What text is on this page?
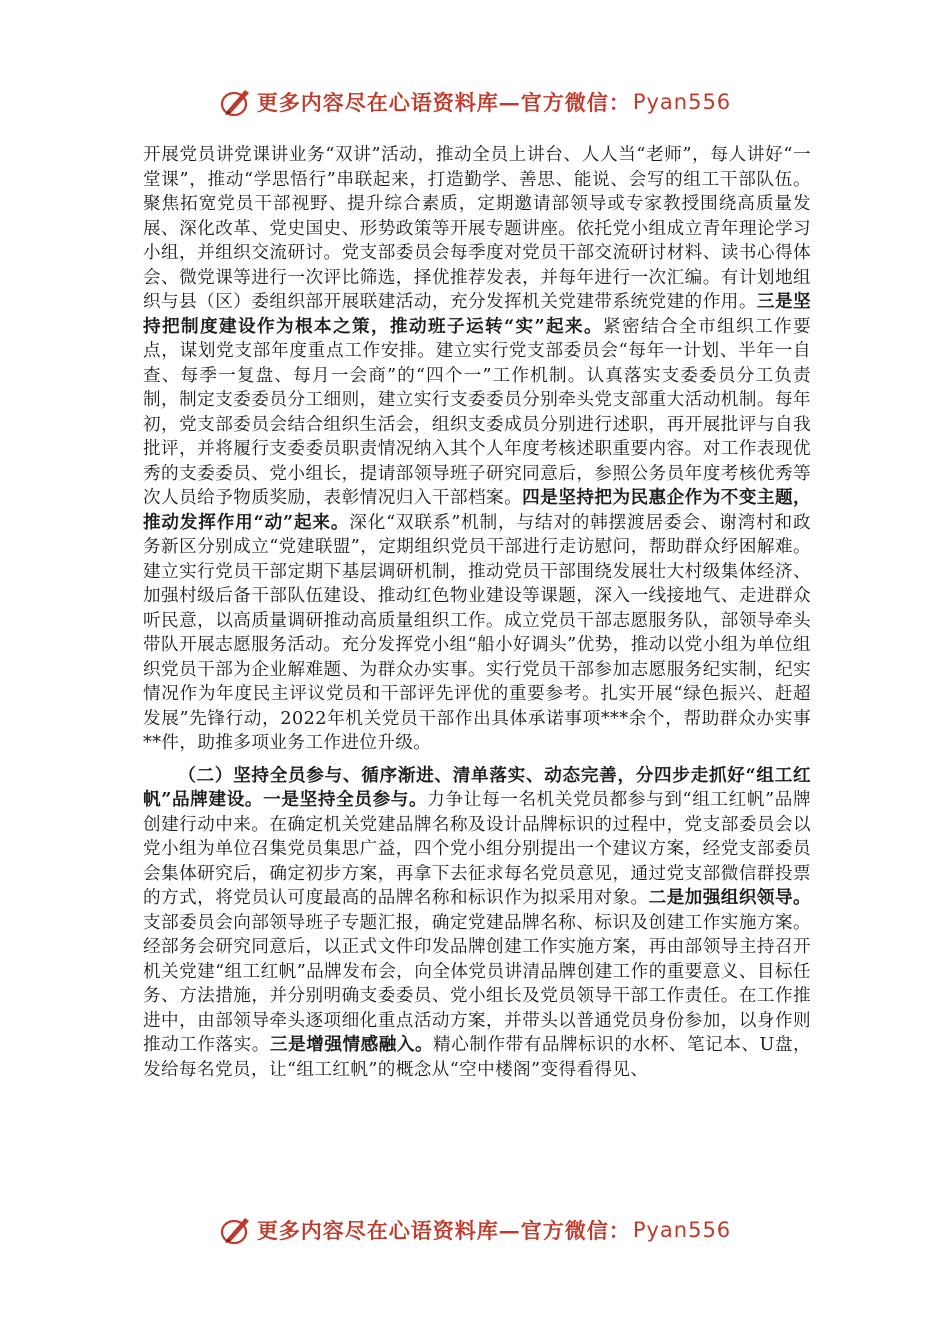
更多内容尽在心语资料库—官方微信： Pyan556

开展党员讲党课讲业务“双讲”活动，推动全员上讲台、人人当“老师”，每人讲好“一堂课”，推动“学思悟行”串联起来，打造勤学、善思、能说、会写的组工干部队伍。聚焦拓宽党员干部视野、提升综合素质，定期邀请部领导或专家教授围绕高质量发展、深化改革、党史国史、形势政策等开展专题讲座。依托党小组成立青年理论学习小组，并组织交流研讨。党支部委员会每季度对党员干部交流研讨材料、读书心得体会、微党课等进行一次评比筛选，择优推荐发表，并每年进行一次汇编。有计划地组织与县（区）委组织部开展联建活动，充分发挥机关党建带系统党建的作用。三是坚持把制度建设作为根本之策，推动班子运转“实”起来。紧密结合全市组织工作要点，谋划党支部年度重点工作安排。建立实行党支部委员会“每年一计划、半年一自查、每季一复盘、每月一会商”的“四个一”工作机制。认真落实支委委员分工负责制，制定支委委员分工细则，建立实行支委委员分别牵头党支部重大活动机制。每年初，党支部委员会结合组织生活会，组织支委成员分别进行述职，再开展批评与自我批评，并将履行支委委员职责情况纳入其个人年度考核述职重要内容。对工作表现优秀的支委委员、党小组长，提请部领导班子研究同意后，参照公务员年度考核优秀等次人员给予物质奖励，表彰情况归入干部档案。四是坚持把为民惠企作为不变主题，推动发挥作用“动”起来。深化“双联系”机制，与结对的韩摆渡居委会、谢湾村和政务新区分别成立“党建联盟”，定期组织党员干部进行走访慰问，帮助群众纾困解难。建立实行党员干部定期下基层调研机制，推动党员干部围绕发展壮大村级集体经济、加强村级后备干部队伍建设、推动红色物业建设等课题，深入一线接地气、走进群众听民意，以高质量调研推动高质量组织工作。成立党员干部志愿服务队，部领导牵头带队开展志愿服务活动。充分发挥党小组“船小好调头”优势，推动以党小组为单位组织党员干部为企业解难题、为群众办实事。实行党员干部参加志愿服务纪实制，纪实情况作为年度民主评议党员和干部评先评优的重要参考。扎实开展“绿色振兴、赶超发展”先锋行动，2022年机关党员干部作出具体承诺事项***余个，帮助群众办实事**件，助推多项业务工作进位升级。

（二）坚持全员参与、循序渐进、清单落实、动态完善，分四步走抓好“组工红帆”品牌建设。一是坚持全员参与。力争让每一名机关党员都参与到“组工红帆”品牌创建行动中来。在确定机关党建品牌名称及设计品牌标识的过程中，党支部委员会以党小组为单位召集党员集思广益，四个党小组分别提出一个建议方案，经党支部委员会集体研究后，确定初步方案，再拿下去征求每名党员意见，通过党支部微信群投票的方式，将党员认可度最高的品牌名称和标识作为拟采用对象。二是加强组织领导。支部委员会向部领导班子专题汇报，确定党建品牌名称、标识及创建工作实施方案。经部务会研究同意后，以正式文件印发品牌创建工作实施方案，再由部领导主持召开机关党建“组工红帆”品牌发布会，向全体党员讲清品牌创建工作的重要意义、目标任务、方法措施，并分别明确支委委员、党小组长及党员领导干部工作责任。在工作推进中，由部领导牵头逐项细化重点活动方案，并带头以普通党员身份参加，以身作则推动工作落实。三是增强情感融入。精心制作带有品牌标识的水杯、笔记本、U盘，发给每名党员，让“组工红帆”的概念从“空中楼阁”变得看得见、

更多内容尽在心语资料库—官方微信： Pyan556
